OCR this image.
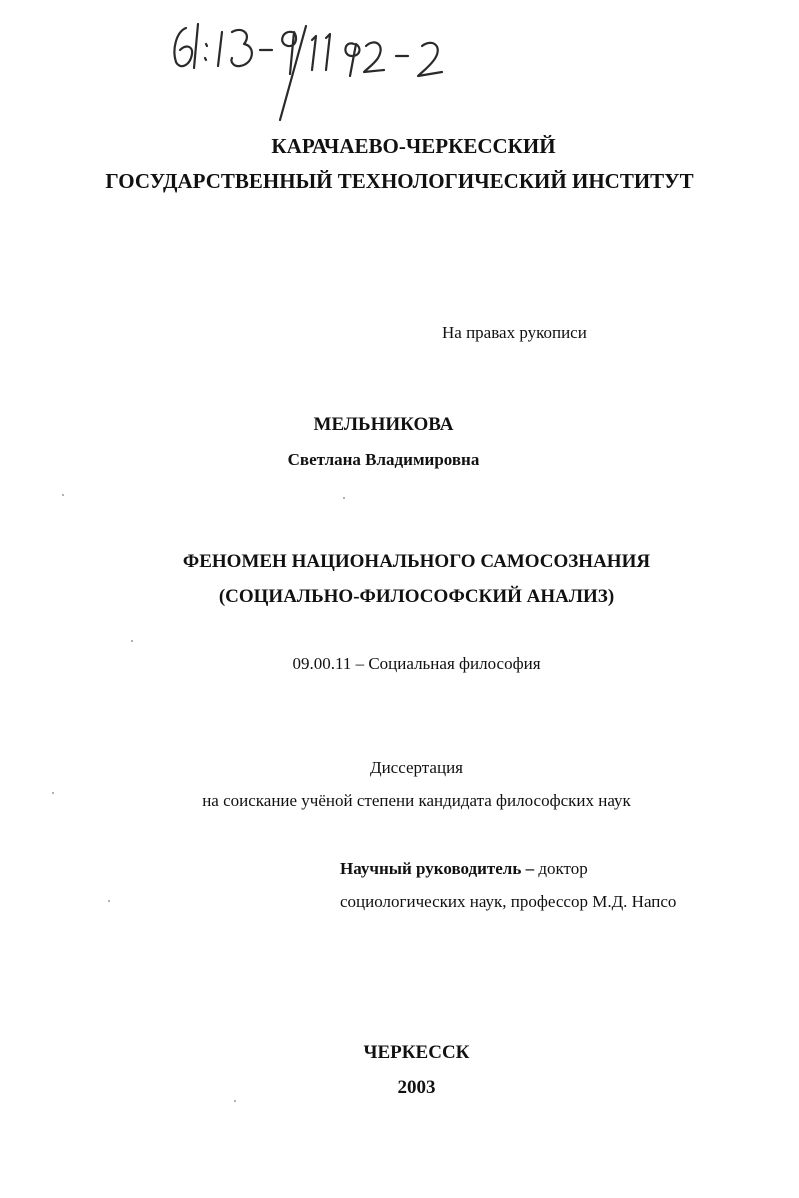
КАРАЧАЕВО-ЧЕРКЕССКИЙ
ГОСУДАРСТВЕННЫЙ ТЕХНОЛОГИЧЕСКИЙ ИНСТИТУТ
На правах рукописи
МЕЛЬНИКОВА
Светлана Владимировна
ФЕНОМЕН НАЦИОНАЛЬНОГО САМОСОЗНАНИЯ
(СОЦИАЛЬНО-ФИЛОСОФСКИЙ АНАЛИЗ)
09.00.11 – Социальная философия
Диссертация
на соискание учёной степени кандидата философских наук
Научный руководитель – доктор
социологических наук, профессор М.Д. Напсо
ЧЕРКЕССК
2003
